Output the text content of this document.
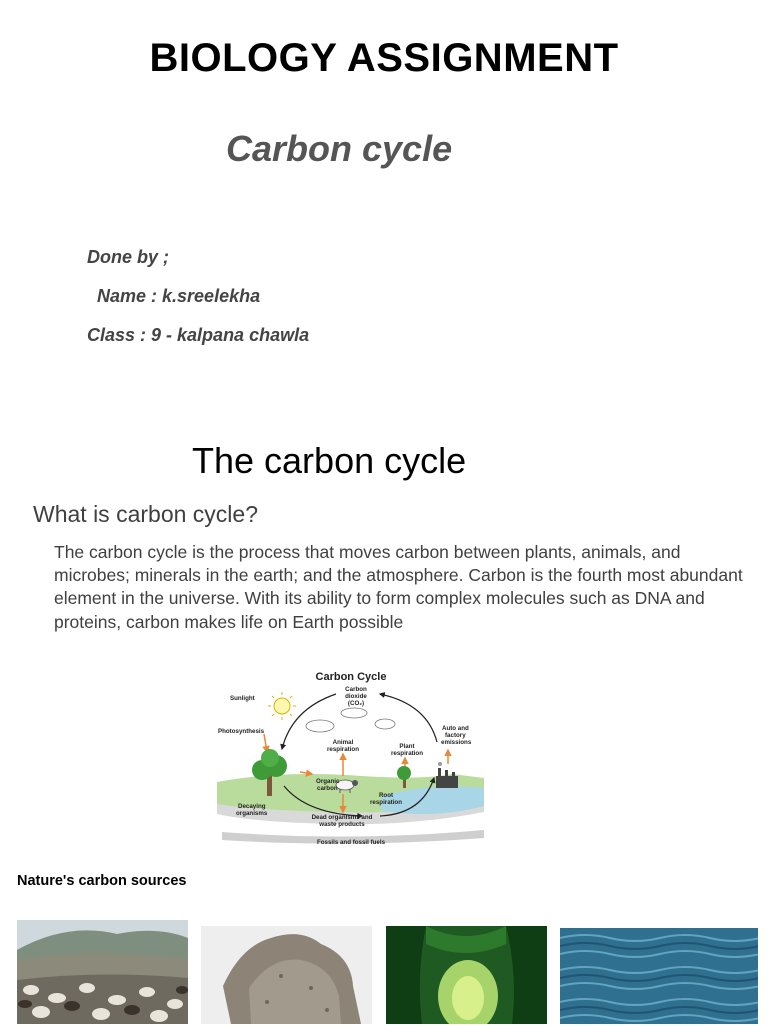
BIOLOGY ASSIGNMENT
Carbon cycle
Done by ;
Name : k.sreelekha
Class : 9 - kalpana chawla
The carbon cycle
What is carbon cycle?
The carbon cycle is the process that moves carbon between plants, animals, and microbes; minerals in the earth; and the atmosphere. Carbon is the fourth most abundant element in the universe. With its ability to form complex molecules such as DNA and proteins, carbon makes life on Earth possible
Carbon Cycle
Sunlight
Carbon
dioxide
(CO₂)
Photosynthesis
Animal
respiration	Plant
respiration
Auto and
factory
emissions
Organic
carbon
Root
respiration
Decaying
organisms
Dead organisms and
waste products
Fossils and fossil fuels
Nature's carbon sources
